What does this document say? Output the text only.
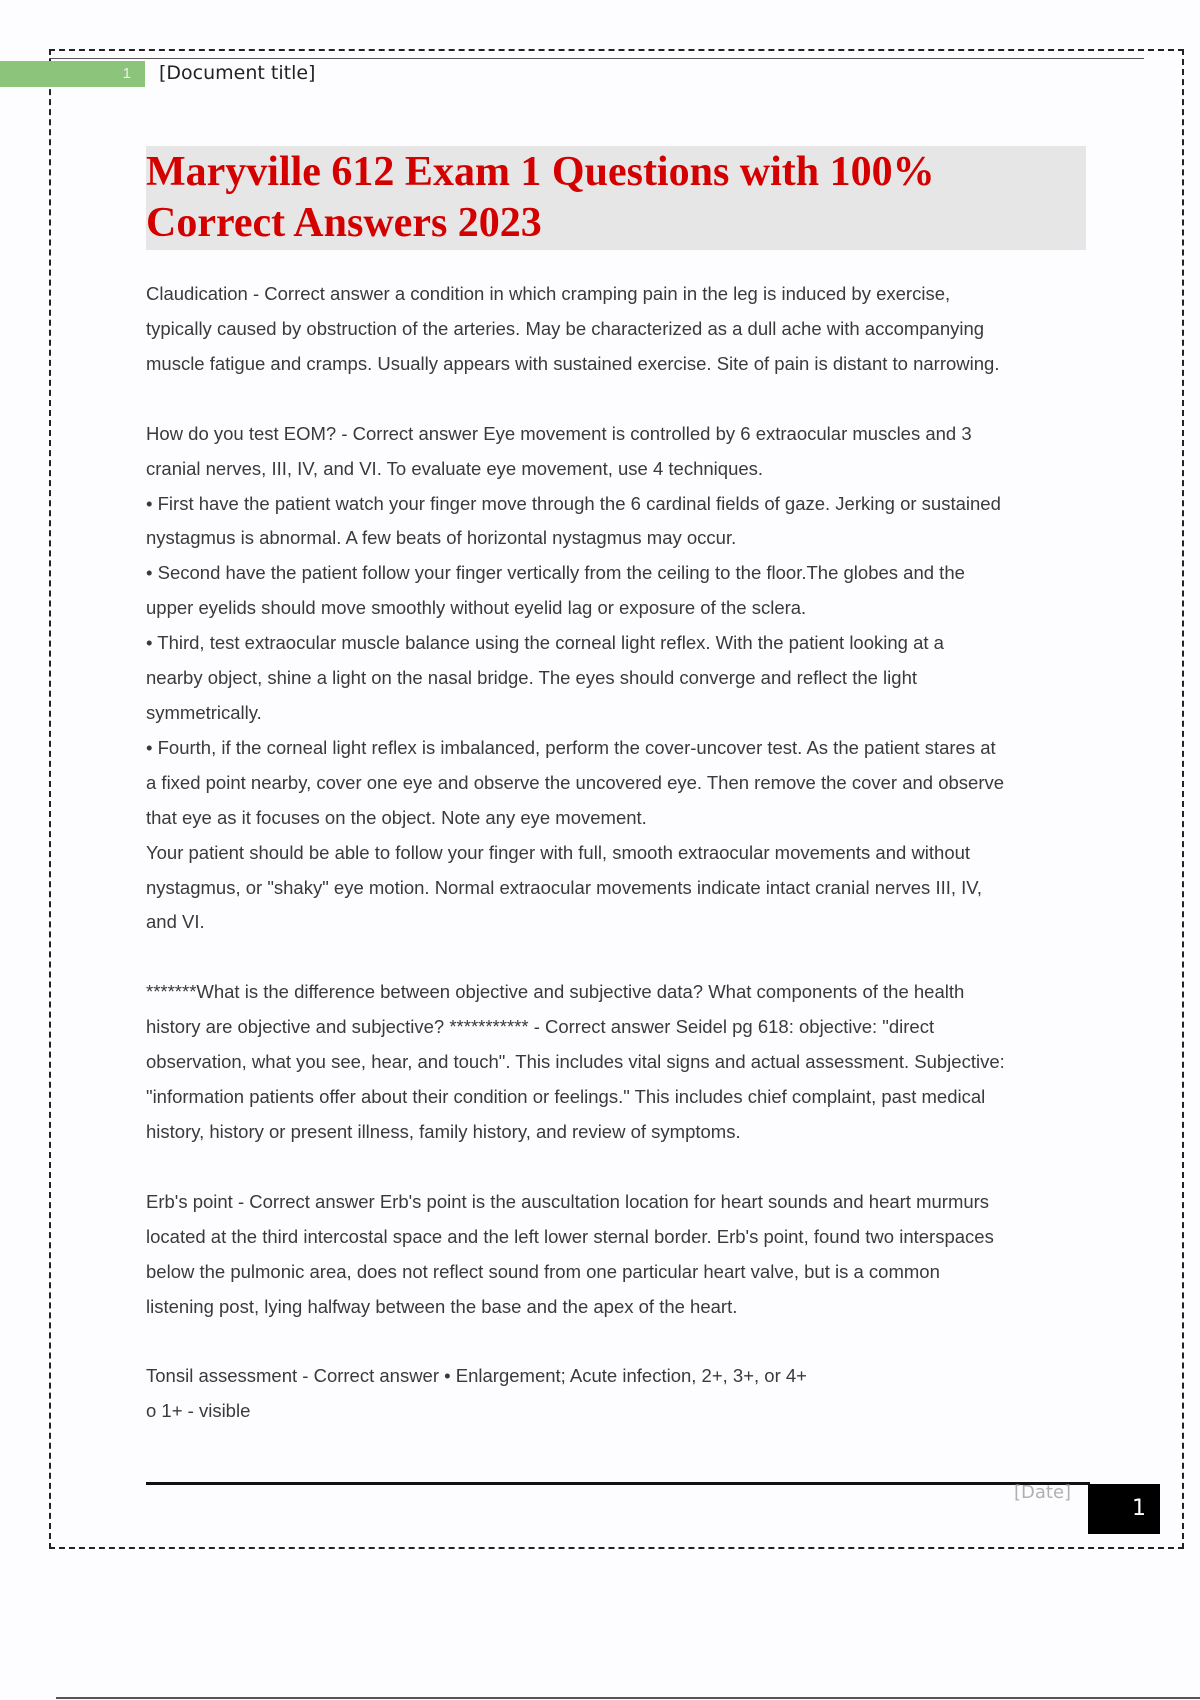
1 [Document title]
Maryville 612 Exam 1 Questions with 100%
Correct Answers 2023

Claudication - Correct answer a condition in which cramping pain in the leg is induced by exercise,

typically caused by obstruction of the arteries. May be characterized as a dull ache with accompanying

muscle fatigue and cramps. Usually appears with sustained exercise. Site of pain is distant to narrowing.

How do you test EOM? - Correct answer Eye movement is controlled by 6 extraocular muscles and 3

cranial nerves, III, IV, and VI. To evaluate eye movement, use 4 techniques.

• First have the patient watch your finger move through the 6 cardinal fields of gaze. Jerking or sustained

nystagmus is abnormal. A few beats of horizontal nystagmus may occur.

• Second have the patient follow your finger vertically from the ceiling to the floor.The globes and the

upper eyelids should move smoothly without eyelid lag or exposure of the sclera.

• Third, test extraocular muscle balance using the corneal light reflex. With the patient looking at a

nearby object, shine a light on the nasal bridge. The eyes should converge and reflect the light

symmetrically.

• Fourth, if the corneal light reflex is imbalanced, perform the cover-uncover test. As the patient stares at

a fixed point nearby, cover one eye and observe the uncovered eye. Then remove the cover and observe

that eye as it focuses on the object. Note any eye movement.

Your patient should be able to follow your finger with full, smooth extraocular movements and without

nystagmus, or "shaky" eye motion. Normal extraocular movements indicate intact cranial nerves III, IV,

and VI.

*******What is the difference between objective and subjective data? What components of the health

history are objective and subjective? *********** - Correct answer Seidel pg 618: objective: "direct

observation, what you see, hear, and touch". This includes vital signs and actual assessment. Subjective:

"information patients offer about their condition or feelings." This includes chief complaint, past medical

history, history or present illness, family history, and review of symptoms.

Erb's point - Correct answer Erb's point is the auscultation location for heart sounds and heart murmurs

located at the third intercostal space and the left lower sternal border. Erb's point, found two interspaces

below the pulmonic area, does not reflect sound from one particular heart valve, but is a common

listening post, lying halfway between the base and the apex of the heart.

Tonsil assessment - Correct answer • Enlargement; Acute infection, 2+, 3+, or 4+

o 1+ - visible

[Date]
1
